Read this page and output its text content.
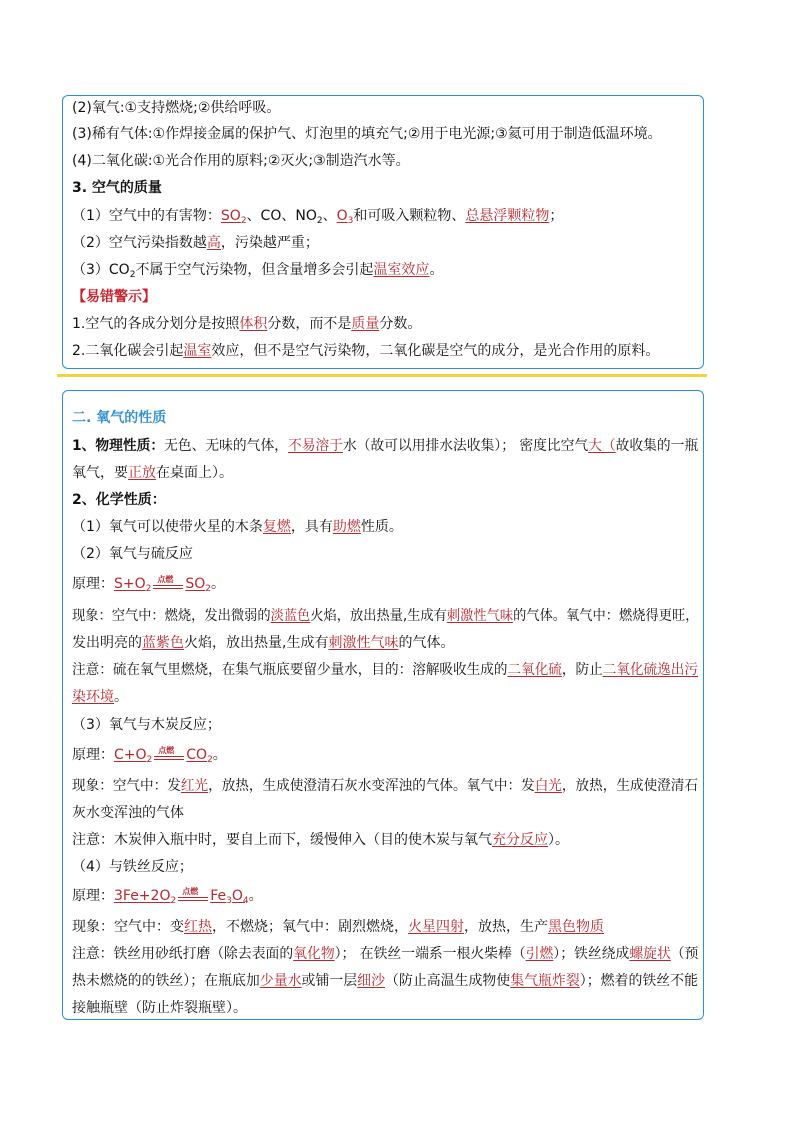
(2)氧气:①支持燃烧;②供给呼吸。
(3)稀有气体:①作焊接金属的保护气、灯泡里的填充气;②用于电光源;③氦可用于制造低温环境。
(4)二氧化碳:①光合作用的原料;②灭火;③制造汽水等。
3. 空气的质量
（1）空气中的有害物：$SO_2$、CO、$NO_2$、$O_3$和可吸入颗粒物、总悬浮颗粒物；
（2）空气污染指数越高，污染越严重；
$(3)CO_2$不属于空气污染物，但含量增多会引起温室效应。
【易错警示】
1.空气的各成分划分是按照体积分数，而不是质量分数。
2.二氧化碳会引起温室效应，但不是空气污染物，二氧化碳是空气的成分，是光合作用的原料。
二. 氧气的性质
1、物理性质：无色、无味的气体，不易溶于水（故可以用排水法收集）； 密度比空气大（故收集的一瓶
氧气，要正放在桌面上）。
2、化学性质：
（1）氧气可以使带火星的木条复燃，具有助燃性质。
（2）氧气与硫反应
原理：$S+O_2$
点燃 $SO_2$。
现象：空气中：燃烧，发出微弱的淡蓝色火焰，放出热量,生成有刺激性气味的气体。氧气中：燃烧得更旺，
发出明亮的蓝紫色火焰，放出热量,生成有刺激性气味的气体。
注意：硫在氧气里燃烧，在集气瓶底要留少量水，目的：溶解吸收生成的二氧化硫，防止二氧化硫逸出污
染环境。
（3）氧气与木炭反应；
原理：$C+O_2$
点燃 $CO_2$。
现象：空气中：发红光，放热，生成使澄清石灰水变浑浊的气体。氧气中：发白光，放热，生成使澄清石
灰水变浑浊的气体
注意：木炭伸入瓶中时，要自上而下，缓慢伸入（目的使木炭与氧气充分反应）。
（4）与铁丝反应；
原理：$3Fe+2O_2$
点燃 $Fe_3O_4$。
现象：空气中：变红热，不燃烧；氧气中：剧烈燃烧，火星四射，放热，生产黑色物质
注意：铁丝用砂纸打磨（除去表面的氧化物）； 在铁丝一端系一根火柴棒（引燃）；铁丝绕成螺旋状（预
热未燃烧的的铁丝）；在瓶底加少量水或铺一层细沙（防止高温生成物使集气瓶炸裂）；燃着的铁丝不能
接触瓶壁（防止炸裂瓶壁）。
